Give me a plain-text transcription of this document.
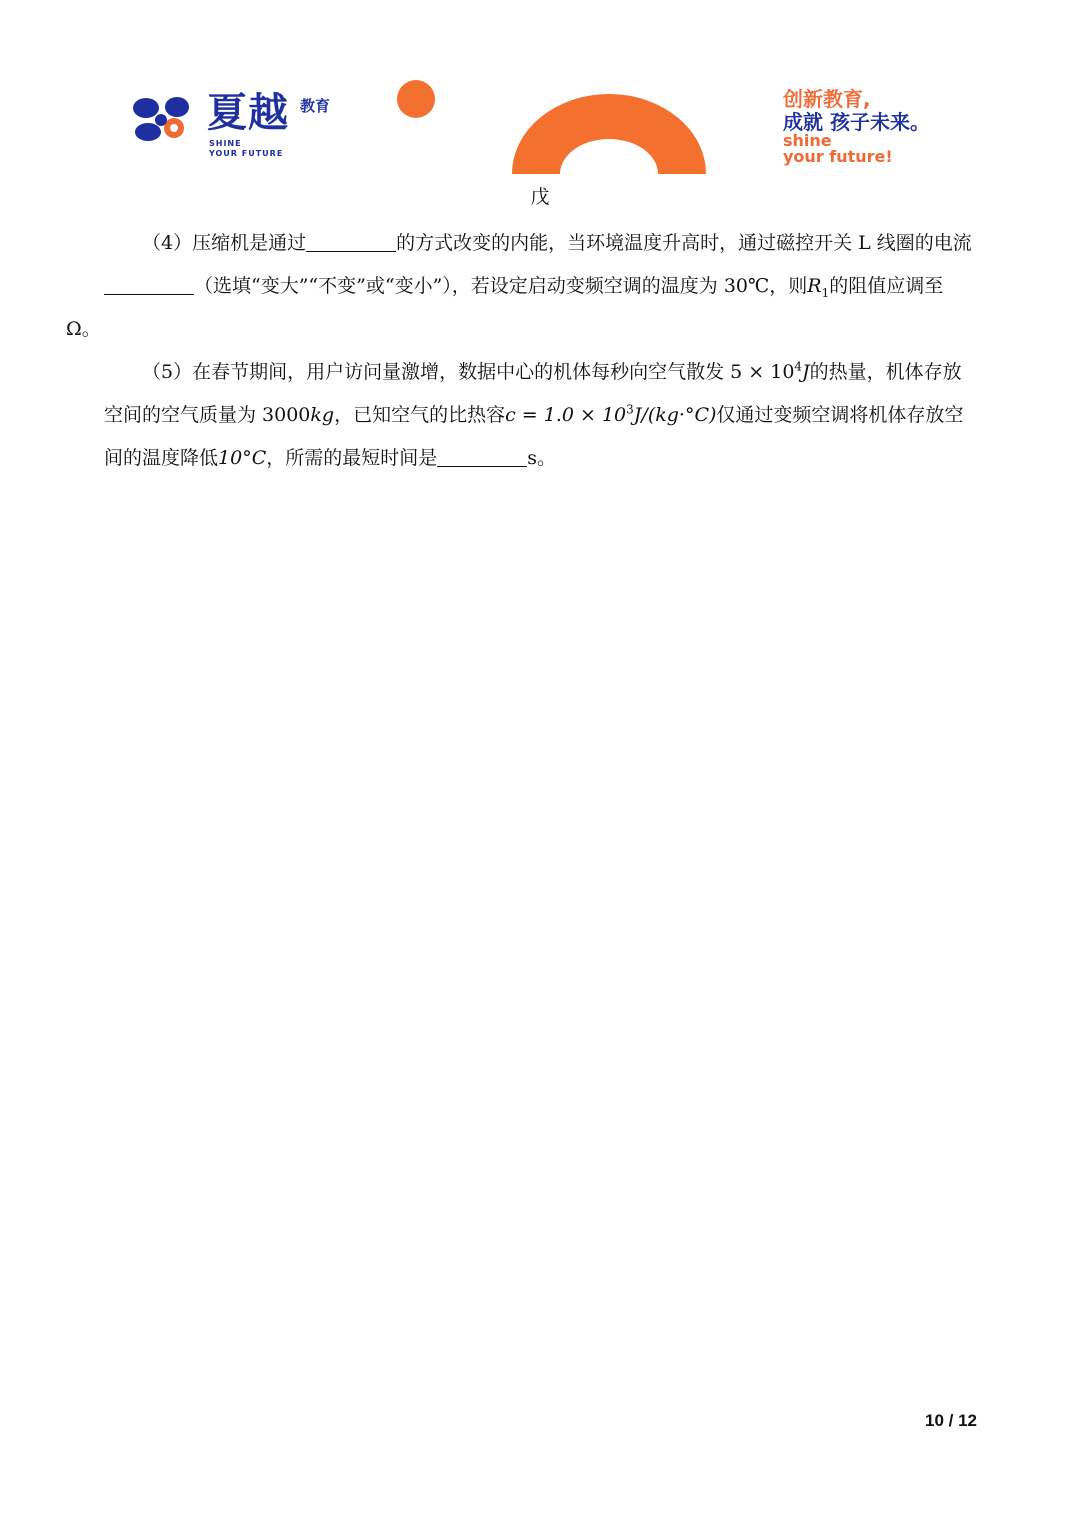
夏越 教育
SHINE
YOUR FUTURE
创新教育,
成就 孩子未来。
shine
your future!
戊

（4）压缩机是通过	的方式改变的内能，当环境温度升高时，通过磁控开关 L 线圈的电流（选填“变大”“不变”或“变小”），若设定启动变频空调的温度为 30℃，则$R_1$的阻值应调至
Ω。

（5）在春节期间，用户访问量激增，数据中心的机体每秒向空气散发 $5 \times 10^4J$的热量，机体存放空间的空气质量为 3000kg，已知空气的比热容$c = 1.0 \times 10^3J/(kg\cdot^\circ C)$仅通过变频空调将机体存放空间的温度降低10°C，所需的最短时间是	s。

10 / 12
